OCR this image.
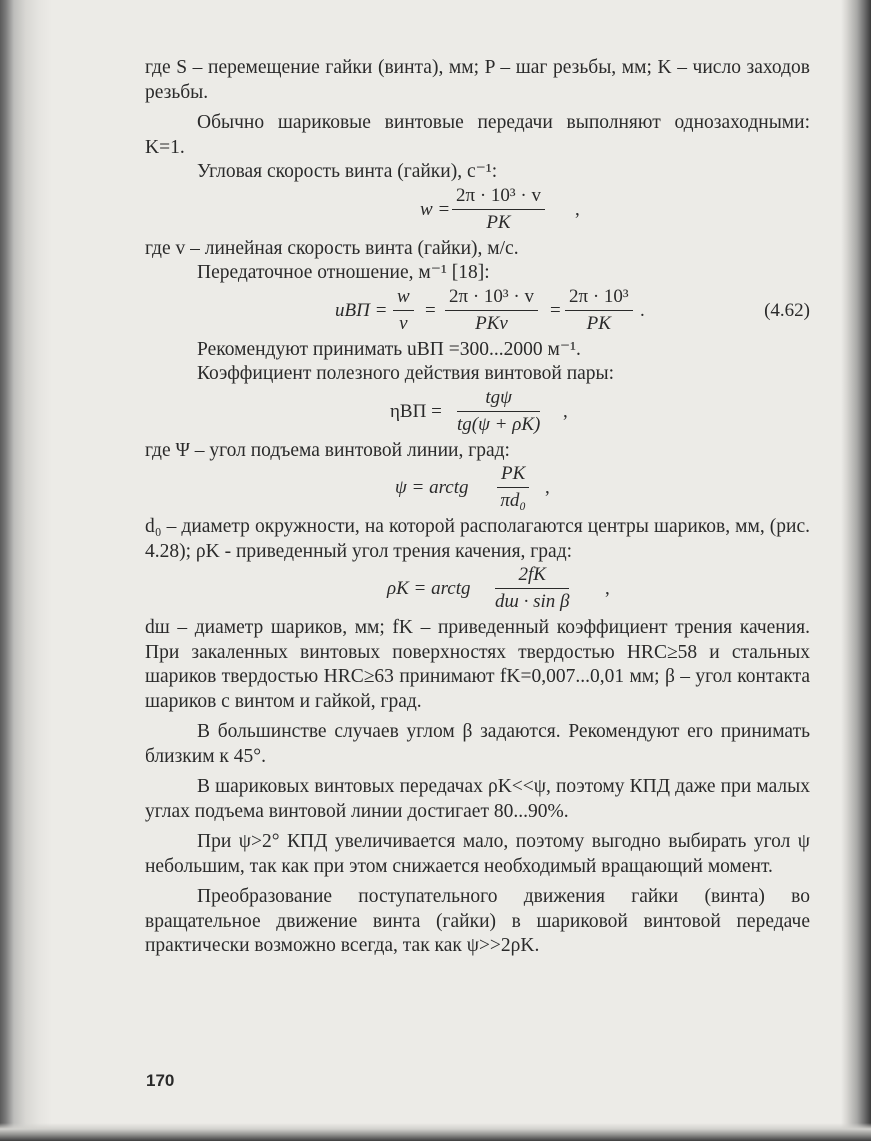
где S – перемещение гайки (винта), мм; P – шаг резьбы, мм; K – число заходов резьбы.

Обычно шариковые винтовые передачи выполняют однозаходными: K=1.

Угловая скорость винта (гайки), с⁻¹:

$w = \frac{\text{2π · 10³ · v}}{PK}$ ,

где v – линейная скорость винта (гайки), м/с.

Передаточное отношение, м⁻¹ [18]:

uВП = $\frac{w}{v}$ =
2π · 10³ · v
PKv
= $\frac{\text{2π · 10³}}{PK}$ .	(4.62)

Рекомендуют принимать uВП =300...2000 м⁻¹.

Коэффициент полезного действия винтовой пары:

ηВП =
tgψ
tg(ψ + ρK)
,

где Ψ – угол подъема винтовой линии, град:

ψ = arctg $\frac{PK}{\text{πd₀}}$ ,

d₀ – диаметр окружности, на которой располагаются центры шариков, мм, (рис. 4.28); ρK - приведенный угол трения качения, град:

ρK = arctg
2fK
dш · sin β
,

dш – диаметр шариков, мм; fK – приведенный коэффициент трения качения. При закаленных винтовых поверхностях твердостью HRC≥58 и стальных шариков твердостью HRC≥63 принимают fK=0,007...0,01 мм; β – угол контакта шариков с винтом и гайкой, град.

В большинстве случаев углом β задаются. Рекомендуют его принимать близким к 45°.

В шариковых винтовых передачах ρK<<ψ, поэтому КПД даже при малых углах подъема винтовой линии достигает 80...90%.

При ψ>2° КПД увеличивается мало, поэтому выгодно выбирать угол ψ небольшим, так как при этом снижается необходимый вращающий момент.

Преобразование поступательного движения гайки (винта) во вращательное движение винта (гайки) в шариковой винтовой передаче практически возможно всегда, так как ψ>>2ρK.

170
